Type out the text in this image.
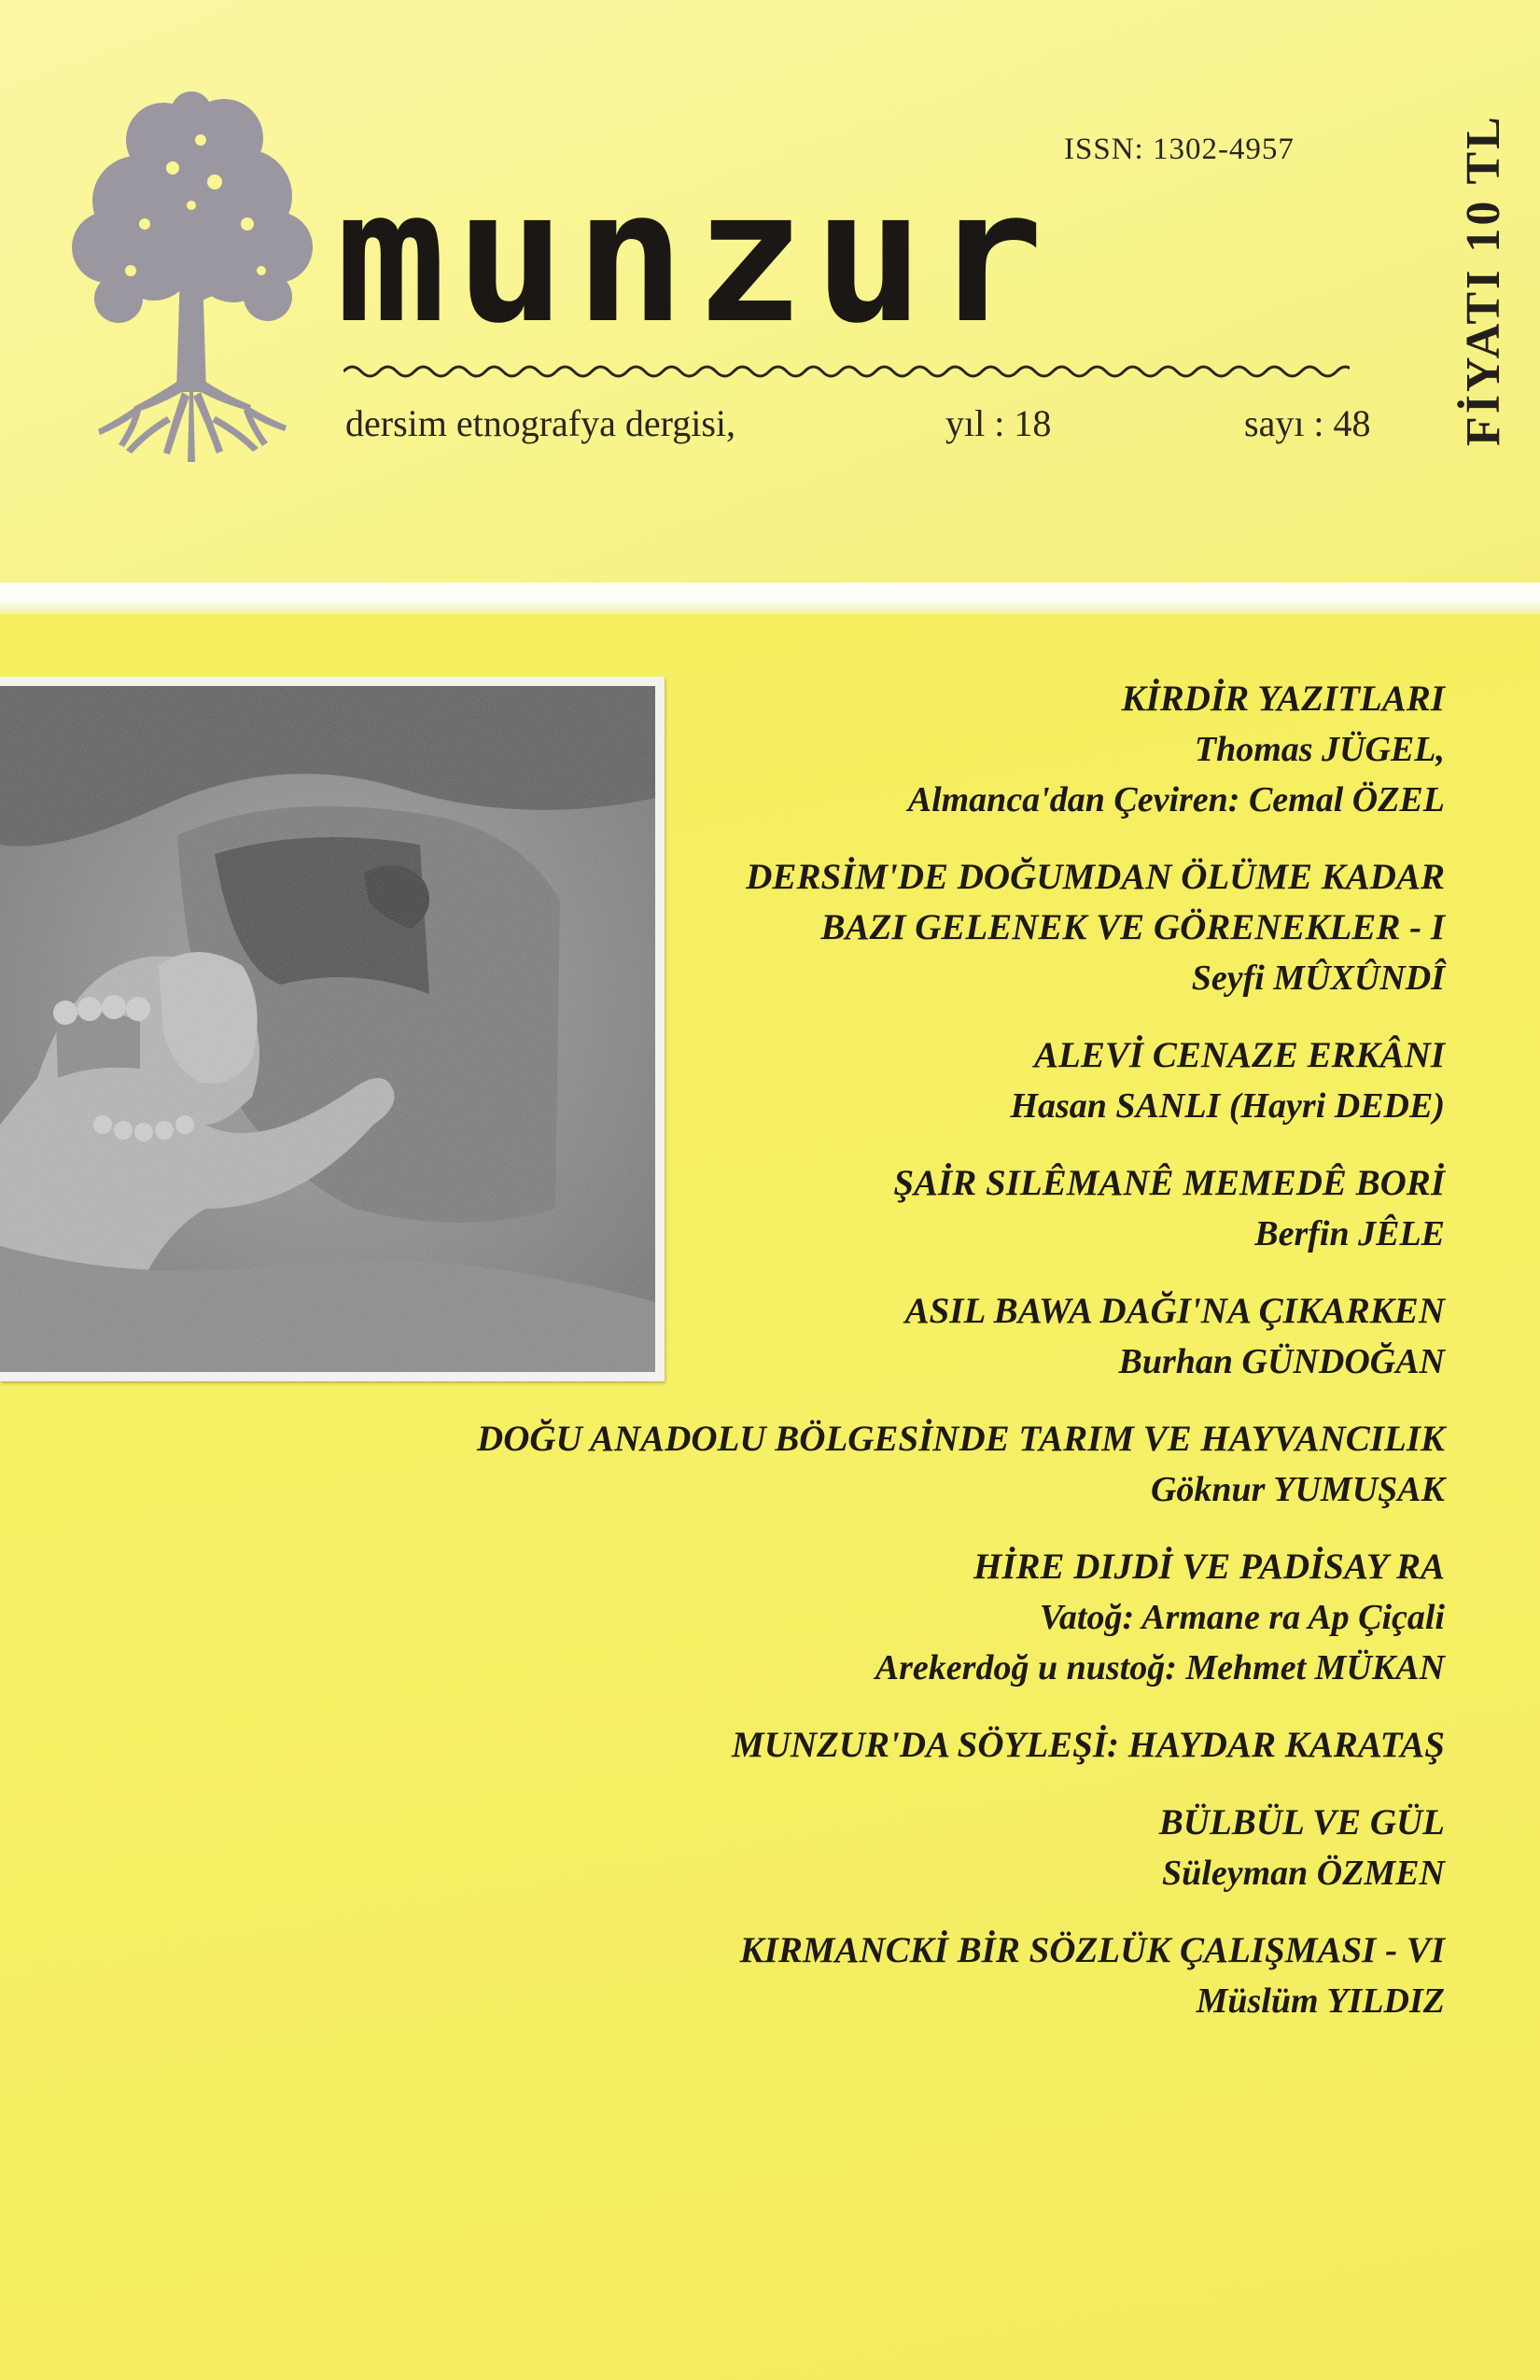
ISSN: 1302-4957
munzur
dersim etnografya dergisi,	yıl : 18	sayı : 48 FİYATI 10 TL
KİRDİR YAZITLARI
Thomas JÜGEL,
Almanca'dan Çeviren: Cemal ÖZEL
DERSİM'DE DOĞUMDAN ÖLÜME KADAR
BAZI GELENEK VE GÖRENEKLER - I
Seyfi MÛXÛNDÎ
ALEVİ CENAZE ERKÂNI
Hasan SANLI (Hayri DEDE)
ŞAİR SILÊMANÊ MEMEDÊ BORİ
Berfin JÊLE
ASIL BAWA DAĞI'NA ÇIKARKEN
Burhan GÜNDOĞAN
DOĞU ANADOLU BÖLGESİNDE TARIM VE HAYVANCILIK
Göknur YUMUŞAK
HİRE DIJDİ VE PADİSAY RA
Vatoğ: Armane ra Ap Çiçali
Arekerdoğ u nustoğ: Mehmet MÜKAN
MUNZUR'DA SÖYLEŞİ: HAYDAR KARATAŞ
BÜLBÜL VE GÜL
Süleyman ÖZMEN
KIRMANCKİ BİR SÖZLÜK ÇALIŞMASI - VI
Müslüm YILDIZ
